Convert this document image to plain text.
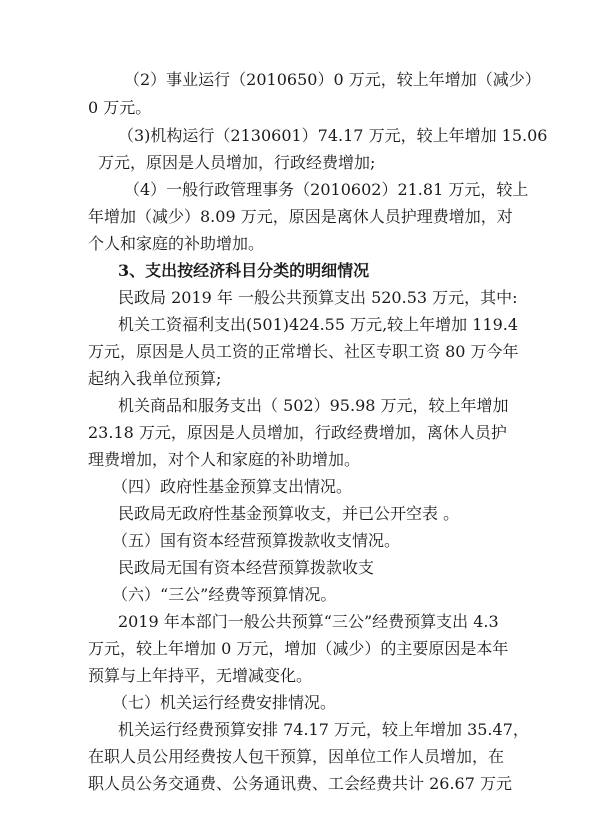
（2）事业运行（2010650）0 万元，较上年增加（减少）
0 万元。
（3)机构运行（2130601）74.17 万元，较上年增加 15.06
万元，原因是人员增加，行政经费增加;
（4）一般行政管理事务（2010602）21.81 万元，较上
年增加（减少）8.09 万元，原因是离休人员护理费增加，对
个人和家庭的补助增加。
3、支出按经济科目分类的明细情况
民政局 2019 年 一般公共预算支出 520.53 万元，其中:
机关工资福利支出(501)424.55 万元,较上年增加 119.4
万元，原因是人员工资的正常增长、社区专职工资 80 万今年
起纳入我单位预算;
机关商品和服务支出（ 502）95.98 万元，较上年增加
23.18 万元，原因是人员增加，行政经费增加，离休人员护
理费增加，对个人和家庭的补助增加。
（四）政府性基金预算支出情况。
民政局无政府性基金预算收支，并已公开空表 。
（五）国有资本经营预算拨款收支情况。
民政局无国有资本经营预算拨款收支
（六）“三公”经费等预算情况。
2019 年本部门一般公共预算“三公”经费预算支出 4.3
万元，较上年增加 0 万元，增加（减少）的主要原因是本年
预算与上年持平，无增减变化。
（七）机关运行经费安排情况。
机关运行经费预算安排 74.17 万元，较上年增加 35.47，
在职人员公用经费按人包干预算，因单位工作人员增加，在
职人员公务交通费、公务通讯费、工会经费共计 26.67 万元
